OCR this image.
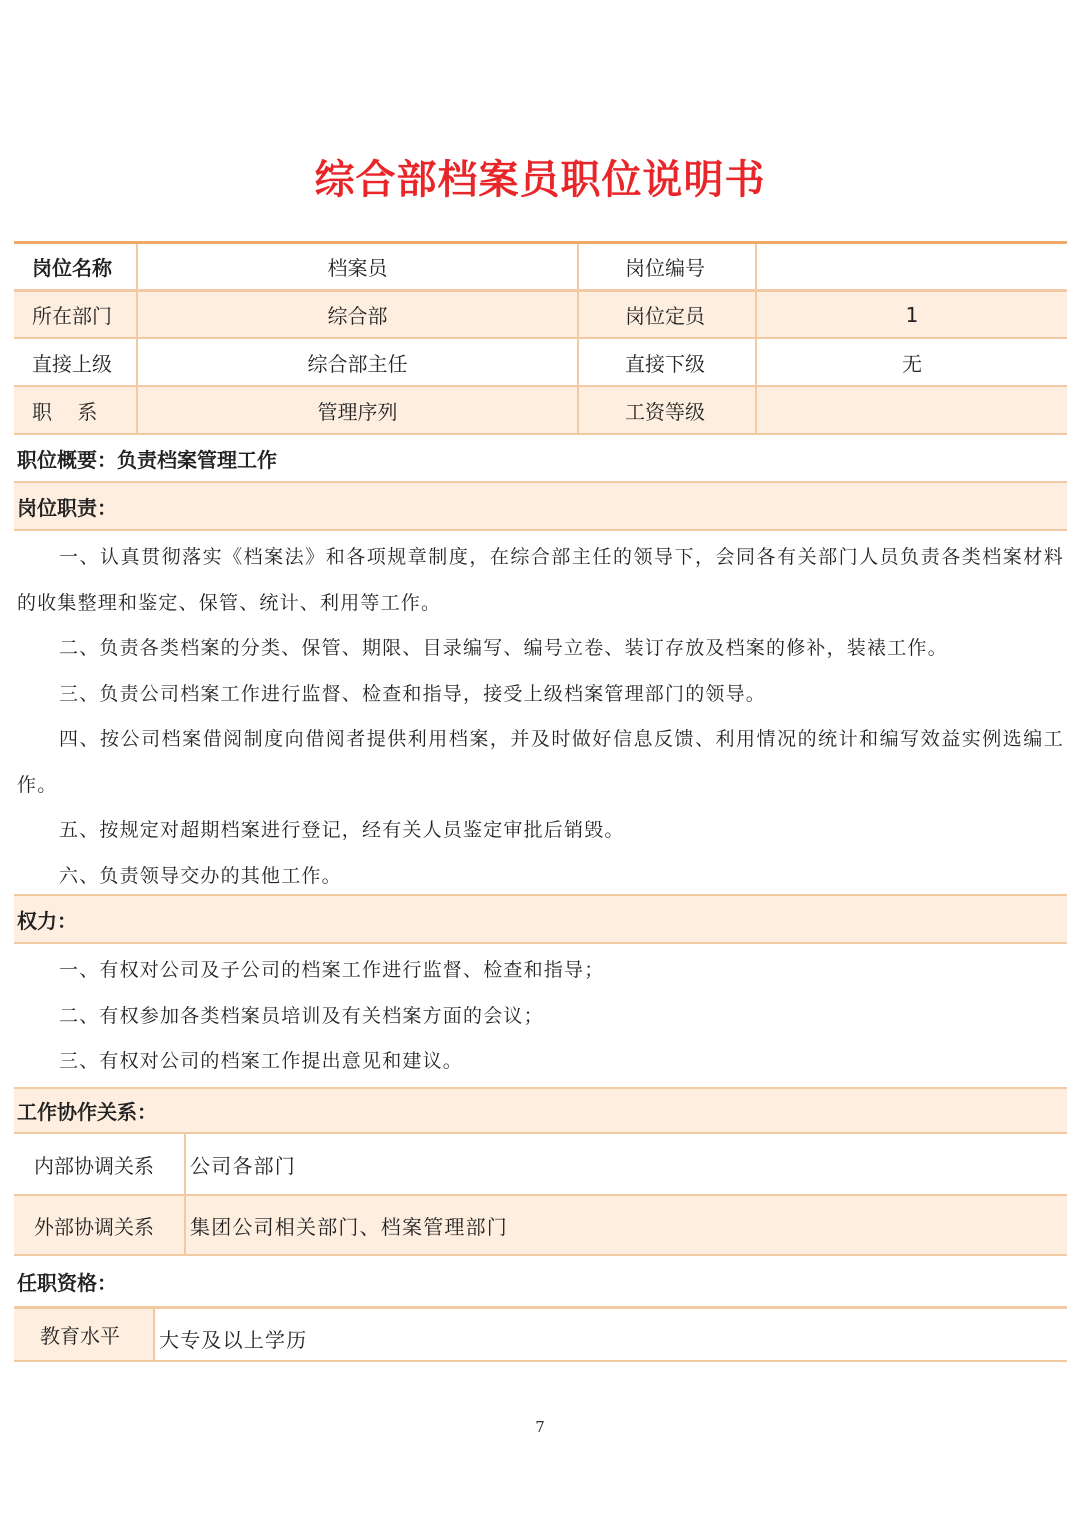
综合部档案员职位说明书
岗位名称	档案员	岗位编号
所在部门	综合部	岗位定员	1
直接上级	综合部主任	直接下级	无
职    系	管理序列	工资等级
职位概要：负责档案管理工作
岗位职责：
一、认真贯彻落实《档案法》和各项规章制度，在综合部主任的领导下，会同各有关部门人员负责各类档案材料的收集整理和鉴定、保管、统计、利用等工作。
二、负责各类档案的分类、保管、期限、目录编写、编号立卷、装订存放及档案的修补，装裱工作。
三、负责公司档案工作进行监督、检查和指导，接受上级档案管理部门的领导。
四、按公司档案借阅制度向借阅者提供利用档案，并及时做好信息反馈、利用情况的统计和编写效益实例选编工作。
五、按规定对超期档案进行登记，经有关人员鉴定审批后销毁。
六、负责领导交办的其他工作。
权力：
一、有权对公司及子公司的档案工作进行监督、检查和指导；
二、有权参加各类档案员培训及有关档案方面的会议；
三、有权对公司的档案工作提出意见和建议。
工作协作关系：
内部协调关系	公司各部门
外部协调关系	集团公司相关部门、档案管理部门
任职资格：
教育水平	大专及以上学历
7
